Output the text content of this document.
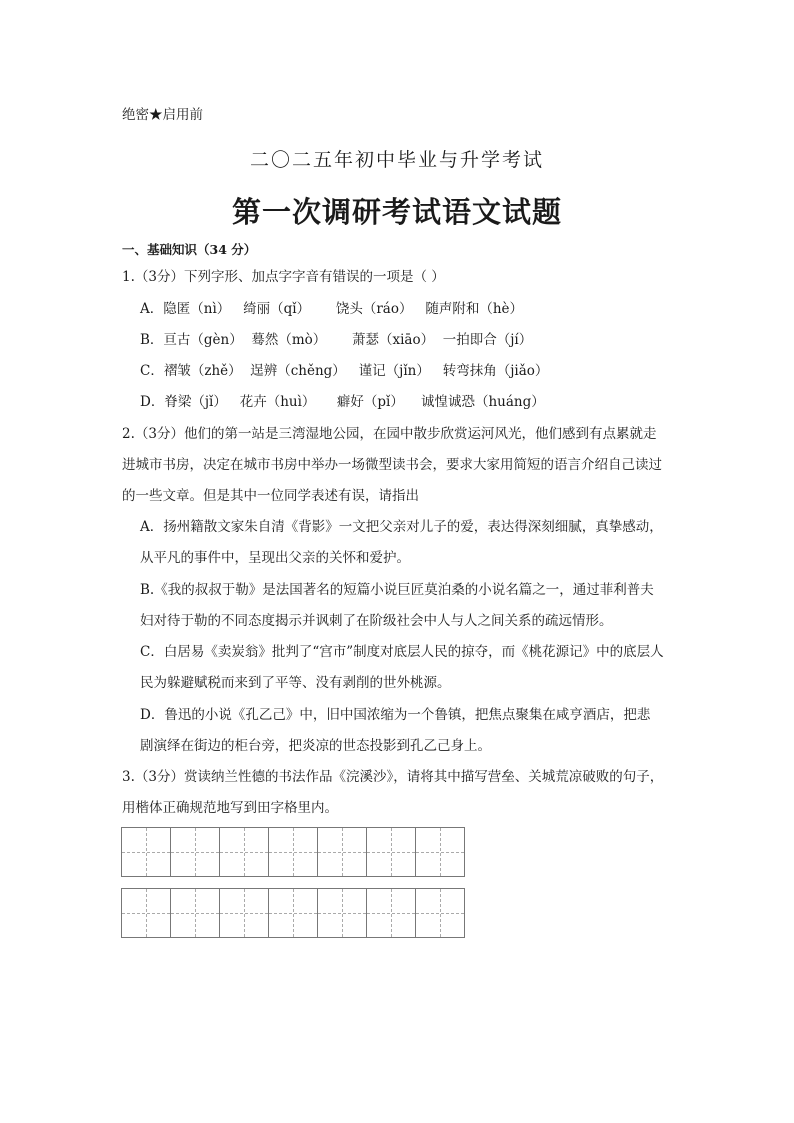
绝密★启用前
二〇二五年初中毕业与升学考试
第一次调研考试语文试题
一、基础知识（34 分）
1.（3分）下列字形、加点字字音有错误的一项是（ ）
A．隐匿（nì）   绮丽（qǐ）      饶头（ráo）   随声附和（hè）
B．亘古（gèn）  蓦然（mò）      萧瑟（xiāo）  一拍即合（jí）
C．褶皱（zhě）  逞辨（chěng）   谨记（jǐn）   转弯抹角（jiǎo）
D．脊梁（jǐ）   花卉（huì）     癖好（pǐ）    诚惶诚恐（huáng）
2.（3分）他们的第一站是三湾湿地公园，在园中散步欣赏运河风光，他们感到有点累就走
进城市书房，决定在城市书房中举办一场微型读书会，要求大家用简短的语言介绍自己读过
的一些文章。但是其中一位同学表述有误，请指出
A．扬州籍散文家朱自清《背影》一文把父亲对儿子的爱，表达得深刻细腻，真挚感动，
从平凡的事件中，呈现出父亲的关怀和爱护。
B.《我的叔叔于勒》是法国著名的短篇小说巨匠莫泊桑的小说名篇之一，通过菲利普夫
妇对待于勒的不同态度揭示并讽刺了在阶级社会中人与人之间关系的疏远情形。
C．白居易《卖炭翁》批判了“宫市”制度对底层人民的掠夺，而《桃花源记》中的底层人
民为躲避赋税而来到了平等、没有剥削的世外桃源。
D．鲁迅的小说《孔乙己》中，旧中国浓缩为一个鲁镇，把焦点聚集在咸亨酒店，把悲
剧演绎在街边的柜台旁，把炎凉的世态投影到孔乙己身上。
3.（3分）赏读纳兰性德的书法作品《浣溪沙》，请将其中描写营垒、关城荒凉破败的句子，
用楷体正确规范地写到田字格里内。
